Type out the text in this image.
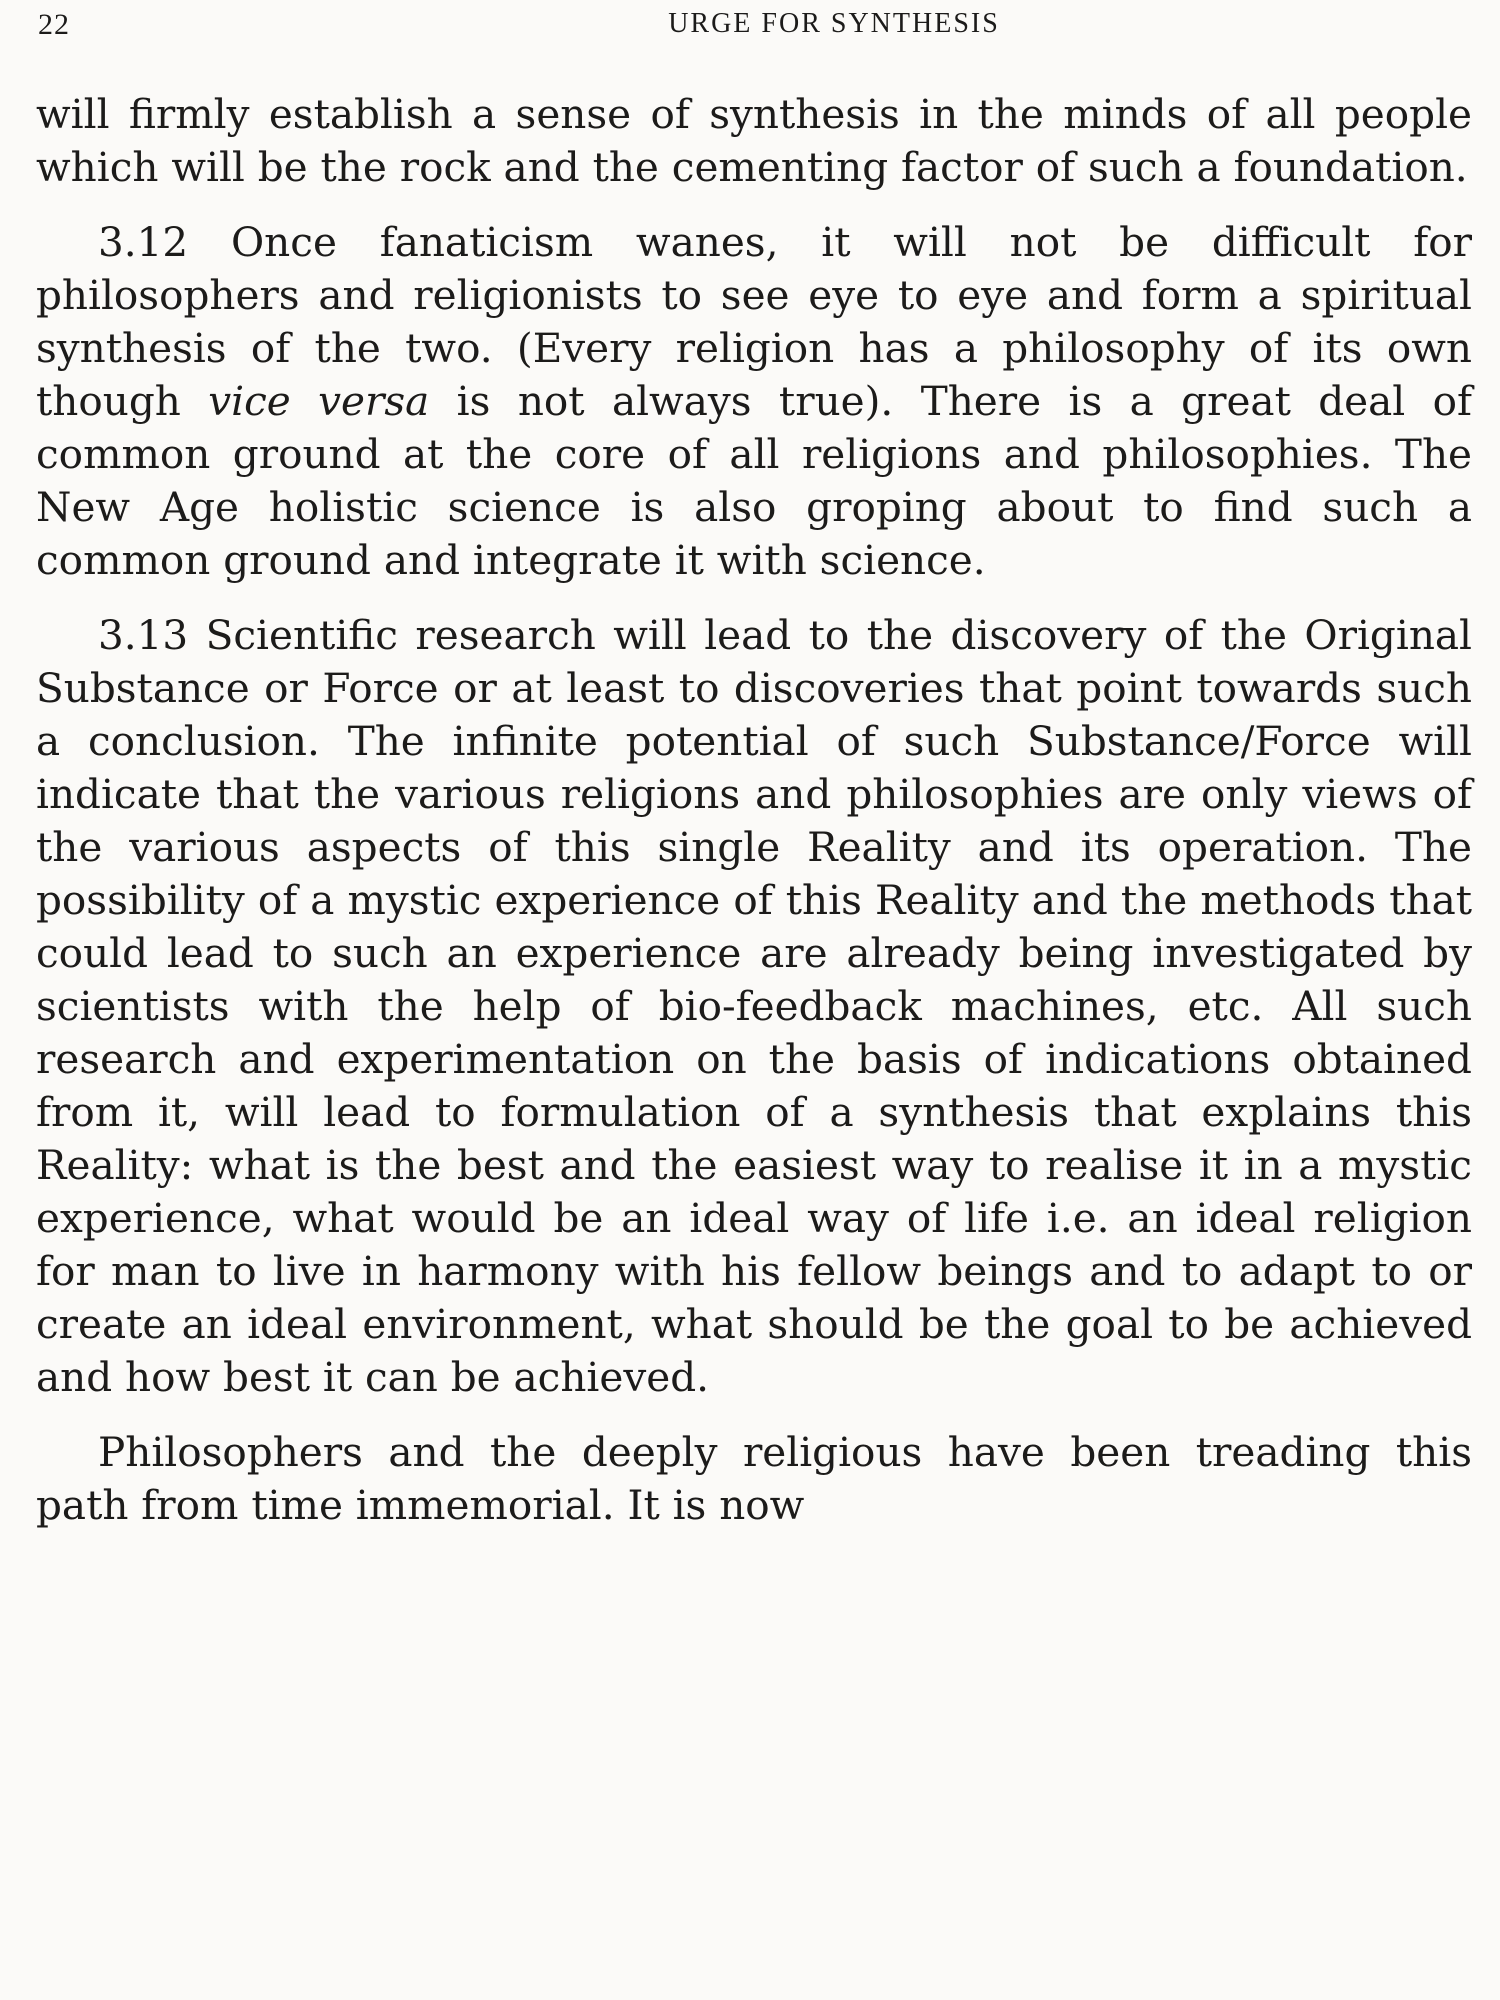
22	URGE FOR SYNTHESIS

will firmly establish a sense of synthesis in the minds of all people which will be the rock and the cementing factor of such a foundation.

3.12 Once fanaticism wanes, it will not be difficult for philosophers and religionists to see eye to eye and form a spiritual synthesis of the two. (Every religion has a philosophy of its own though vice versa is not always true). There is a great deal of common ground at the core of all religions and philosophies. The New Age holistic science is also groping about to find such a common ground and integrate it with science.

3.13 Scientific research will lead to the discovery of the Original Substance or Force or at least to discoveries that point towards such a conclusion. The infinite potential of such Substance/Force will indicate that the various religions and philosophies are only views of the various aspects of this single Reality and its operation. The possibility of a mystic experience of this Reality and the methods that could lead to such an experience are already being investigated by scientists with the help of bio-feedback machines, etc. All such research and experimentation on the basis of indications obtained from it, will lead to formulation of a synthesis that explains this Reality: what is the best and the easiest way to realise it in a mystic experience, what would be an ideal way of life i.e. an ideal religion for man to live in harmony with his fellow beings and to adapt to or create an ideal environment, what should be the goal to be achieved and how best it can be achieved.

Philosophers and the deeply religious have been treading this path from time immemorial. It is now
